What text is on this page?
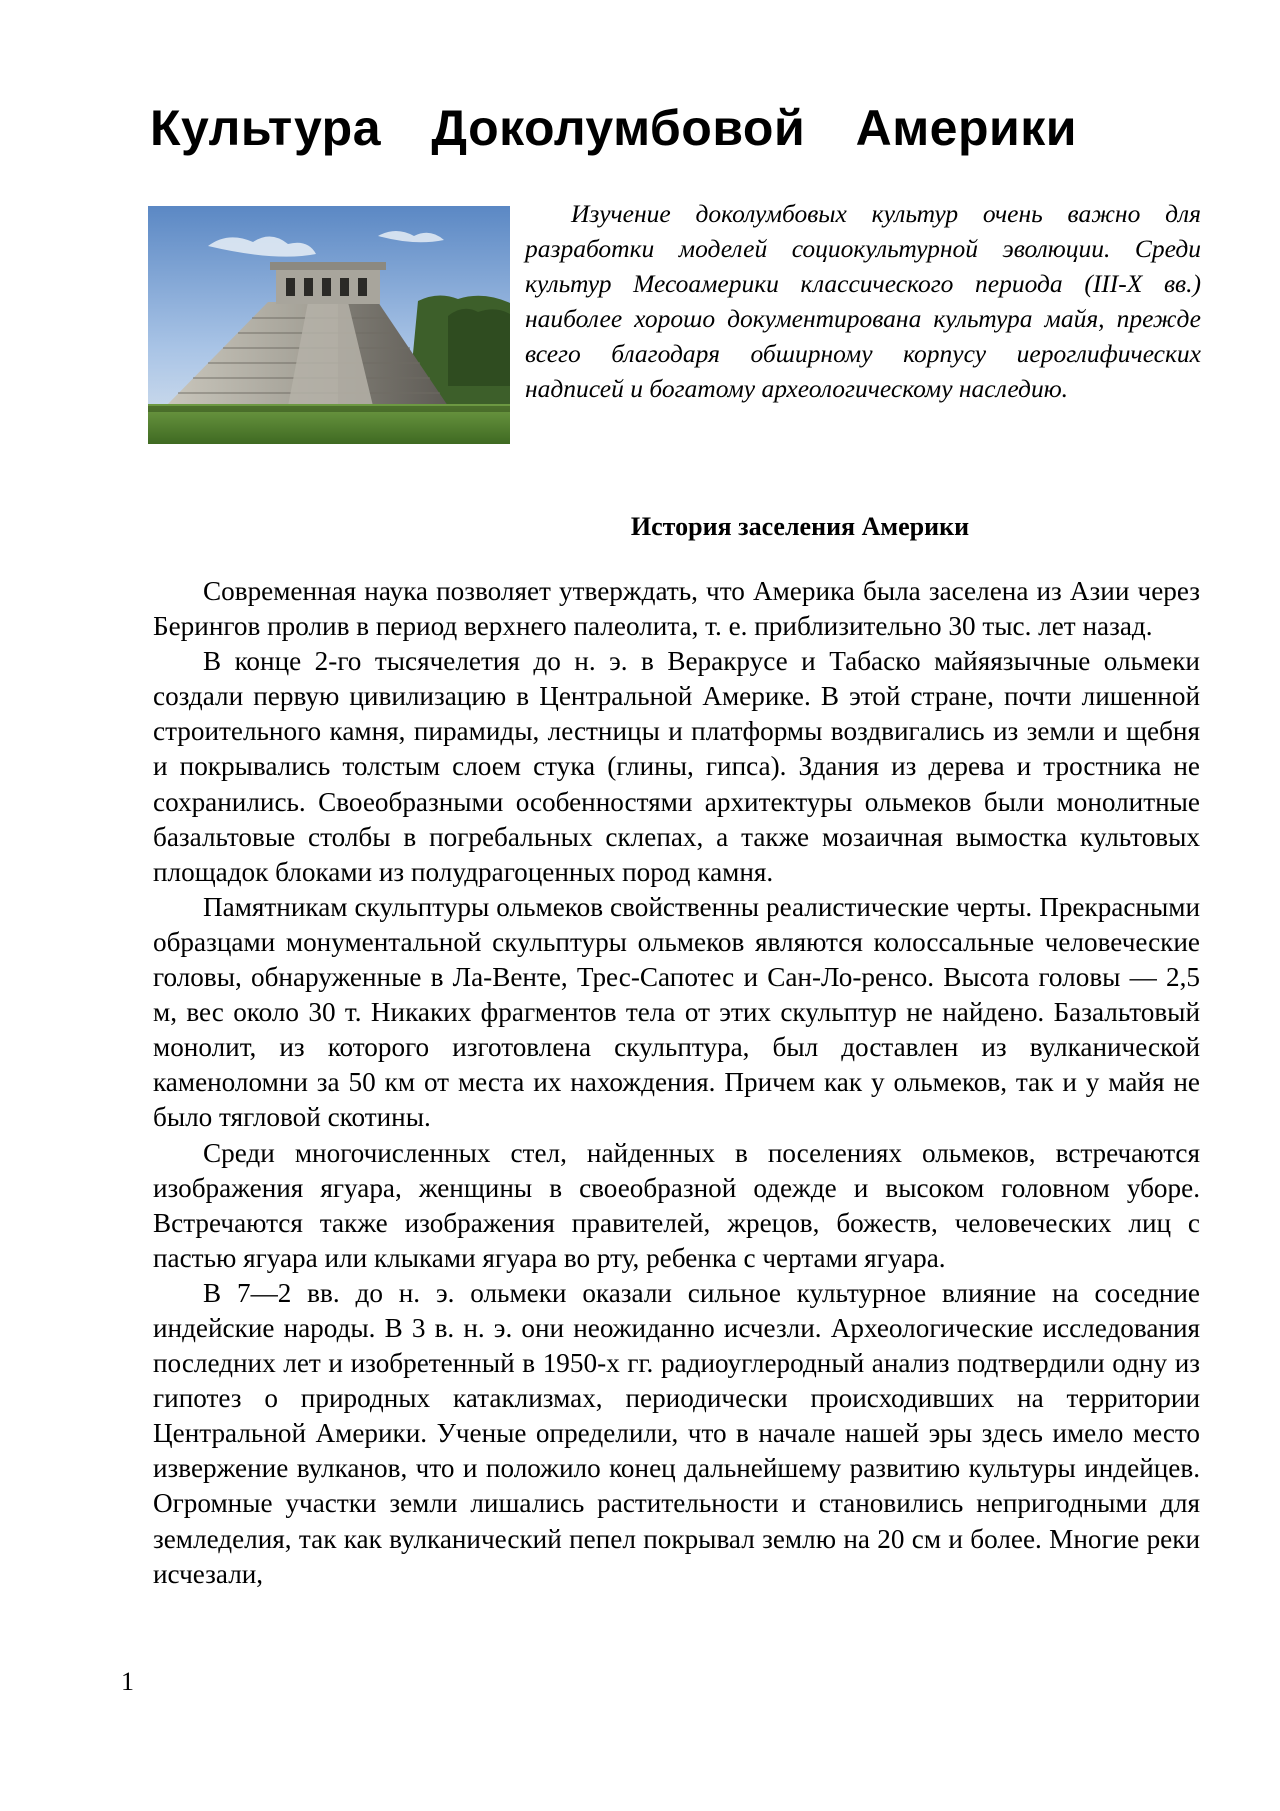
Культура Доколумбовой Америки

Изучение доколумбовых культур очень важно для разработки моделей социокультурной эволюции. Среди культур Месоамерики классического периода (III-X вв.) наиболее хорошо документирована культура майя, прежде всего благодаря обширному корпусу иероглифических надписей и богатому археологическому наследию.

История заселения Америки

Современная наука позволяет утверждать, что Америка была заселена из Азии через Берингов пролив в период верхнего палеолита, т. е. приблизительно 30 тыс. лет назад.

В конце 2-го тысячелетия до н. э. в Веракрусе и Табаско майяязычные ольмеки создали первую цивилизацию в Центральной Америке. В этой стране, почти лишенной строительного камня, пирамиды, лестницы и платформы воздвигались из земли и щебня и покрывались толстым слоем стука (глины, гипса). Здания из дерева и тростника не сохранились. Своеобразными особенностями архитектуры ольмеков были монолитные базальтовые столбы в погребальных склепах, а также мозаичная вымостка культовых площадок блоками из полудрагоценных пород камня.

Памятникам скульптуры ольмеков свойственны реалистические черты. Прекрасными образцами монументальной скульптуры ольмеков являются колоссальные человеческие головы, обнаруженные в Ла-Венте, Трес-Сапотес и Сан-Ло-ренсо. Высота головы — 2,5 м, вес около 30 т. Никаких фрагментов тела от этих скульптур не найдено. Базальтовый монолит, из которого изготовлена скульптура, был доставлен из вулканической каменоломни за 50 км от места их нахождения. Причем как у ольмеков, так и у майя не было тягловой скотины.

Среди многочисленных стел, найденных в поселениях ольмеков, встречаются изображения ягуара, женщины в своеобразной одежде и высоком головном уборе. Встречаются также изображения правителей, жрецов, божеств, человеческих лиц с пастью ягуара или клыками ягуара во рту, ребенка с чертами ягуара.

В 7—2 вв. до н. э. ольмеки оказали сильное культурное влияние на соседние индейские народы. В 3 в. н. э. они неожиданно исчезли. Археологические исследования последних лет и изобретенный в 1950-х гг. радиоуглеродный анализ подтвердили одну из гипотез о природных катаклизмах, периодически происходивших на территории Центральной Америки. Ученые определили, что в начале нашей эры здесь имело место извержение вулканов, что и положило конец дальнейшему развитию культуры индейцев. Огромные участки земли лишались растительности и становились непригодными для земледелия, так как вулканический пепел покрывал землю на 20 см и более. Многие реки исчезали,

1
